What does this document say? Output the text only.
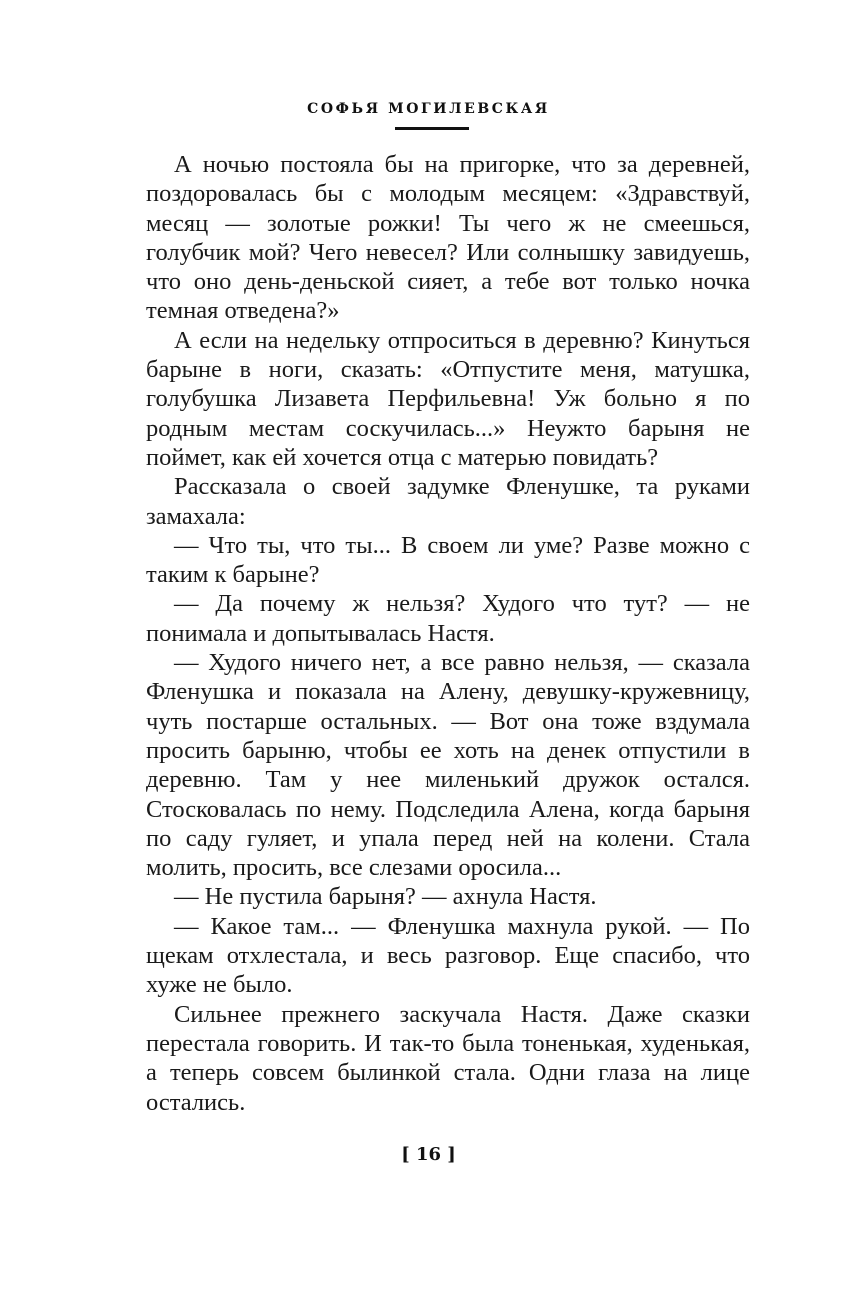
СОФЬЯ МОГИЛЕВСКАЯ

А ночью постояла бы на пригорке, что за деревней, поздоровалась бы с молодым месяцем: «Здравствуй, месяц — золотые рожки! Ты чего ж не смеешься, голубчик мой? Чего невесел? Или солнышку завидуешь, что оно день-деньской сияет, а тебе вот только ночка темная отведена?»

А если на недельку отпроситься в деревню? Кинуться барыне в ноги, сказать: «Отпустите меня, матушка, голубушка Лизавета Перфильевна! Уж больно я по родным местам соскучилась...» Неужто барыня не поймет, как ей хочется отца с матерью повидать?

Рассказала о своей задумке Фленушке, та руками замахала:

— Что ты, что ты... В своем ли уме? Разве можно с таким к барыне?

— Да почему ж нельзя? Худого что тут? — не понимала и допытывалась Настя.

— Худого ничего нет, а все равно нельзя, — сказала Фленушка и показала на Алену, девушку-кружевницу, чуть постарше остальных. — Вот она тоже вздумала просить барыню, чтобы ее хоть на денек отпустили в деревню. Там у нее миленький дружок остался. Стосковалась по нему. Подследила Алена, когда барыня по саду гуляет, и упала перед ней на колени. Стала молить, просить, все слезами оросила...

— Не пустила барыня? — ахнула Настя.

— Какое там... — Фленушка махнула рукой. — По щекам отхлестала, и весь разговор. Еще спасибо, что хуже не было.

Сильнее прежнего заскучала Настя. Даже сказки перестала говорить. И так-то была тоненькая, худенькая, а теперь совсем былинкой стала. Одни глаза на лице остались.

[ 16 ]
